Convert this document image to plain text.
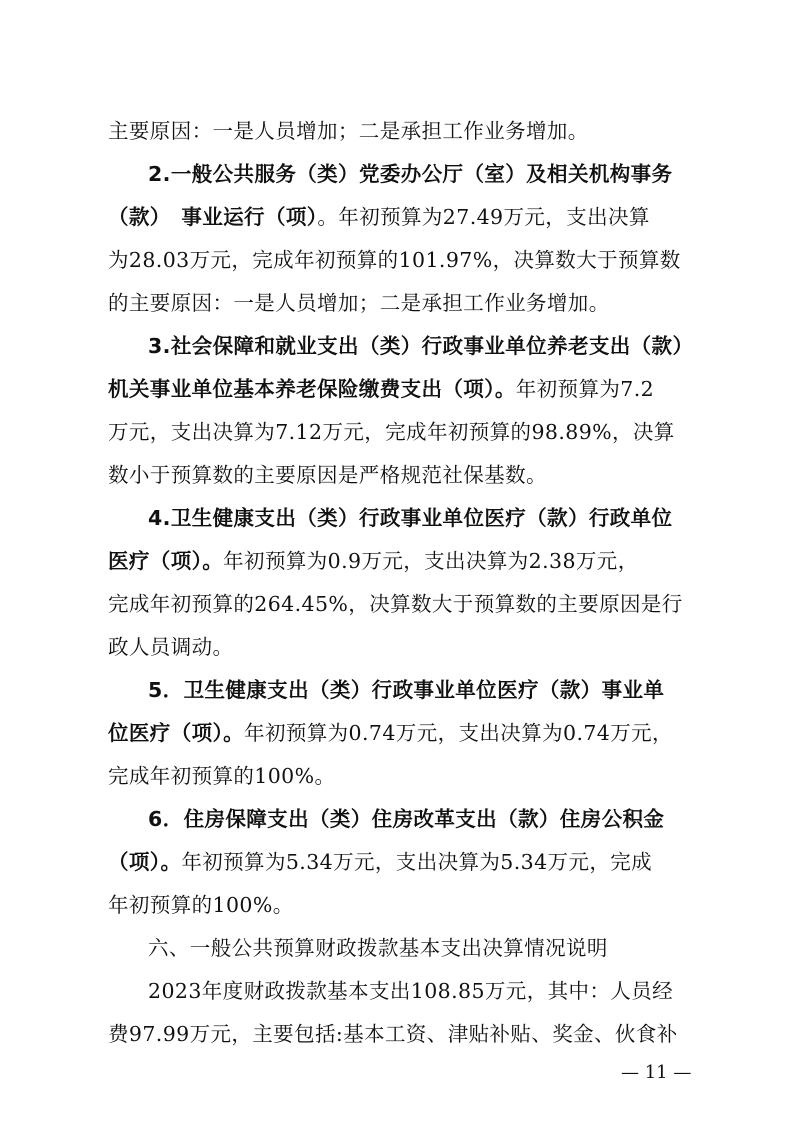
主要原因：一是人员增加；二是承担工作业务增加。
2.一般公共服务（类）党委办公厅（室）及相关机构事务
（款）　事业运行（项）。年初预算为27.49万元，支出决算
为28.03万元，完成年初预算的101.97%，决算数大于预算数
的主要原因：一是人员增加；二是承担工作业务增加。
3.社会保障和就业支出（类）行政事业单位养老支出（款）
机关事业单位基本养老保险缴费支出（项）。年初预算为7.2
万元，支出决算为7.12万元，完成年初预算的98.89%，决算
数小于预算数的主要原因是严格规范社保基数。
4.卫生健康支出（类）行政事业单位医疗（款）行政单位
医疗（项）。年初预算为0.9万元，支出决算为2.38万元，
完成年初预算的264.45%，决算数大于预算数的主要原因是行
政人员调动。
5．卫生健康支出（类）行政事业单位医疗（款）事业单
位医疗（项）。年初预算为0.74万元，支出决算为0.74万元，
完成年初预算的100%。
6．住房保障支出（类）住房改革支出（款）住房公积金
（项）。年初预算为5.34万元，支出决算为5.34万元，完成
年初预算的100%。
六、一般公共预算财政拨款基本支出决算情况说明
2023年度财政拨款基本支出108.85万元，其中：人员经
费97.99万元，主要包括:基本工资、津贴补贴、奖金、伙食补
— 11 —
